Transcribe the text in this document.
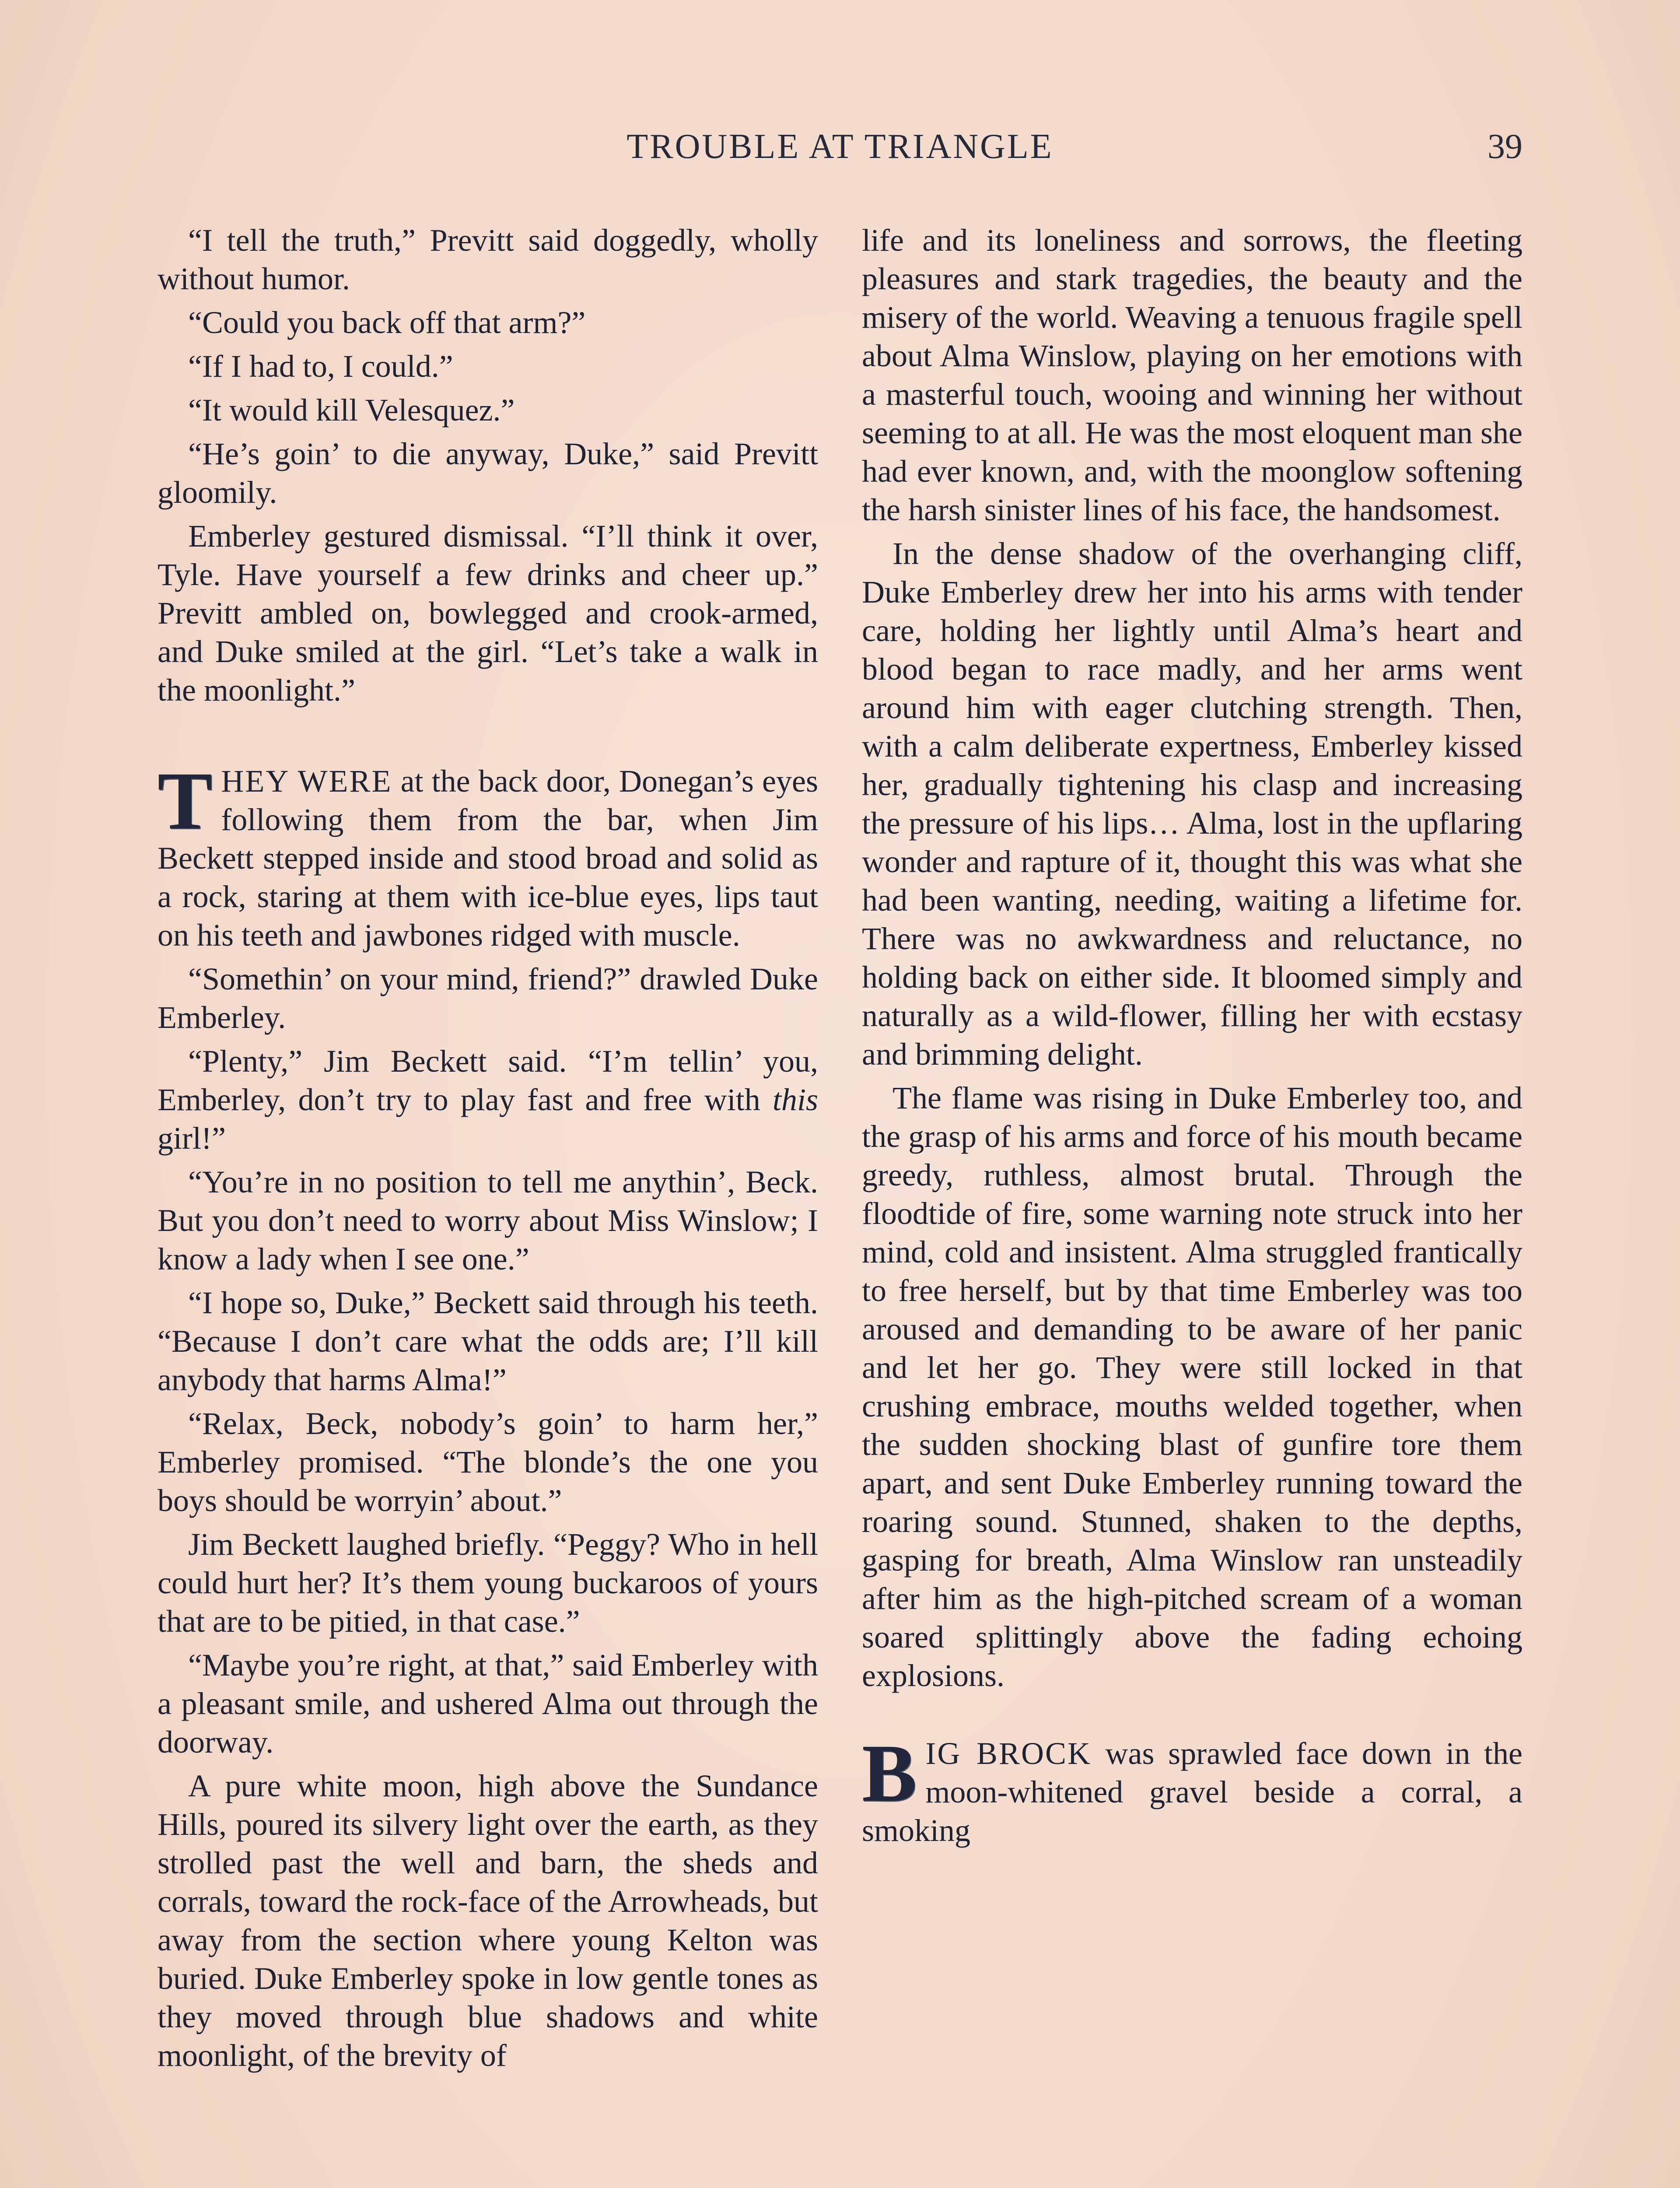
TROUBLE AT TRIANGLE	39

“I tell the truth,” Previtt said doggedly, wholly without humor.

“Could you back off that arm?”

“If I had to, I could.”

“It would kill Velesquez.”

“He’s goin’ to die anyway, Duke,” said Previtt gloomily.

Emberley gestured dismissal. “I’ll think it over, Tyle. Have yourself a few drinks and cheer up.” Previtt ambled on, bowlegged and crook-armed, and Duke smiled at the girl. “Let’s take a walk in the moonlight.”

THEY WERE at the back door, Donegan’s eyes following them from the bar, when Jim Beckett stepped inside and stood broad and solid as a rock, staring at them with ice-blue eyes, lips taut on his teeth and jawbones ridged with muscle.

“Somethin’ on your mind, friend?” drawled Duke Emberley.

“Plenty,” Jim Beckett said. “I’m tellin’ you, Emberley, don’t try to play fast and free with this girl!”

“You’re in no position to tell me anythin’, Beck. But you don’t need to worry about Miss Winslow; I know a lady when I see one.”

“I hope so, Duke,” Beckett said through his teeth. “Because I don’t care what the odds are; I’ll kill anybody that harms Alma!”

“Relax, Beck, nobody’s goin’ to harm her,” Emberley promised. “The blonde’s the one you boys should be worryin’ about.”

Jim Beckett laughed briefly. “Peggy? Who in hell could hurt her? It’s them young buckaroos of yours that are to be pitied, in that case.”

“Maybe you’re right, at that,” said Emberley with a pleasant smile, and ushered Alma out through the doorway.

A pure white moon, high above the Sundance Hills, poured its silvery light over the earth, as they strolled past the well and barn, the sheds and corrals, toward the rock-face of the Arrowheads, but away from the section where young Kelton was buried. Duke Emberley spoke in low gentle tones as they moved through blue shadows and white moonlight, of the brevity of

life and its loneliness and sorrows, the fleeting pleasures and stark tragedies, the beauty and the misery of the world. Weaving a tenuous fragile spell about Alma Winslow, playing on her emotions with a masterful touch, wooing and winning her without seeming to at all. He was the most eloquent man she had ever known, and, with the moonglow softening the harsh sinister lines of his face, the handsomest.

In the dense shadow of the overhanging cliff, Duke Emberley drew her into his arms with tender care, holding her lightly until Alma’s heart and blood began to race madly, and her arms went around him with eager clutching strength. Then, with a calm deliberate expertness, Emberley kissed her, gradually tightening his clasp and increasing the pressure of his lips… Alma, lost in the upflaring wonder and rapture of it, thought this was what she had been wanting, needing, waiting a lifetime for. There was no awkwardness and reluctance, no holding back on either side. It bloomed simply and naturally as a wild-flower, filling her with ecstasy and brimming delight.

The flame was rising in Duke Emberley too, and the grasp of his arms and force of his mouth became greedy, ruthless, almost brutal. Through the floodtide of fire, some warning note struck into her mind, cold and insistent. Alma struggled frantically to free herself, but by that time Emberley was too aroused and demanding to be aware of her panic and let her go. They were still locked in that crushing embrace, mouths welded together, when the sudden shocking blast of gunfire tore them apart, and sent Duke Emberley running toward the roaring sound. Stunned, shaken to the depths, gasping for breath, Alma Winslow ran unsteadily after him as the high-pitched scream of a woman soared splittingly above the fading echoing explosions.

BIG BROCK was sprawled face down in the moon-whitened gravel beside a corral, a smoking
